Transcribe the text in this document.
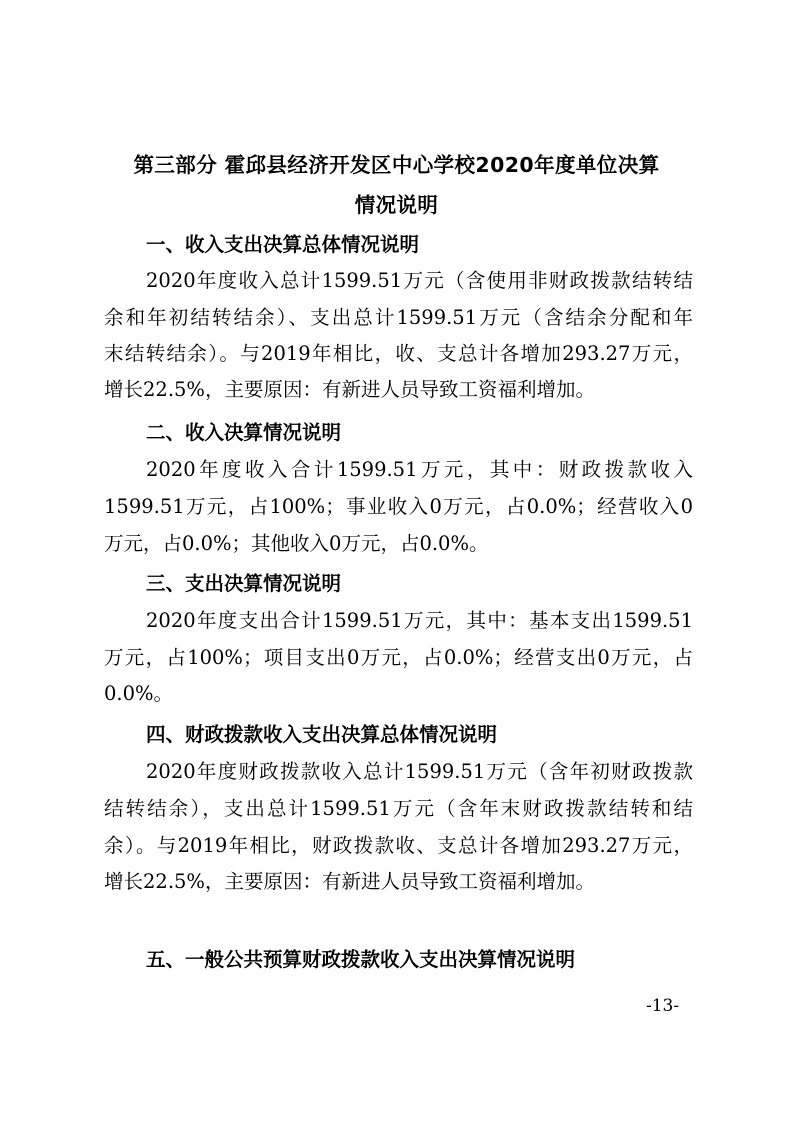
第三部分 霍邱县经济开发区中心学校2020年度单位决算
情况说明
一、收入支出决算总体情况说明

2020年度收入总计1599.51万元（含使用非财政拨款结转结

余和年初结转结余）、支出总计1599.51万元（含结余分配和年

末结转结余）。与2019年相比，收、支总计各增加293.27万元，

增长22.5%，主要原因：有新进人员导致工资福利增加。

二、收入决算情况说明

2020年度收入合计1599.51万元，其中：财政拨款收入

1599.51万元，占100%；事业收入0万元，占0.0%；经营收入0

万元，占0.0%；其他收入0万元，占0.0%。

三、支出决算情况说明

2020年度支出合计1599.51万元，其中：基本支出1599.51

万元，占100%；项目支出0万元，占0.0%；经营支出0万元，占

0.0%。

四、财政拨款收入支出决算总体情况说明

2020年度财政拨款收入总计1599.51万元（含年初财政拨款

结转结余），支出总计1599.51万元（含年末财政拨款结转和结

余）。与2019年相比，财政拨款收、支总计各增加293.27万元，

增长22.5%，主要原因：有新进人员导致工资福利增加。

五、一般公共预算财政拨款收入支出决算情况说明

-13-
